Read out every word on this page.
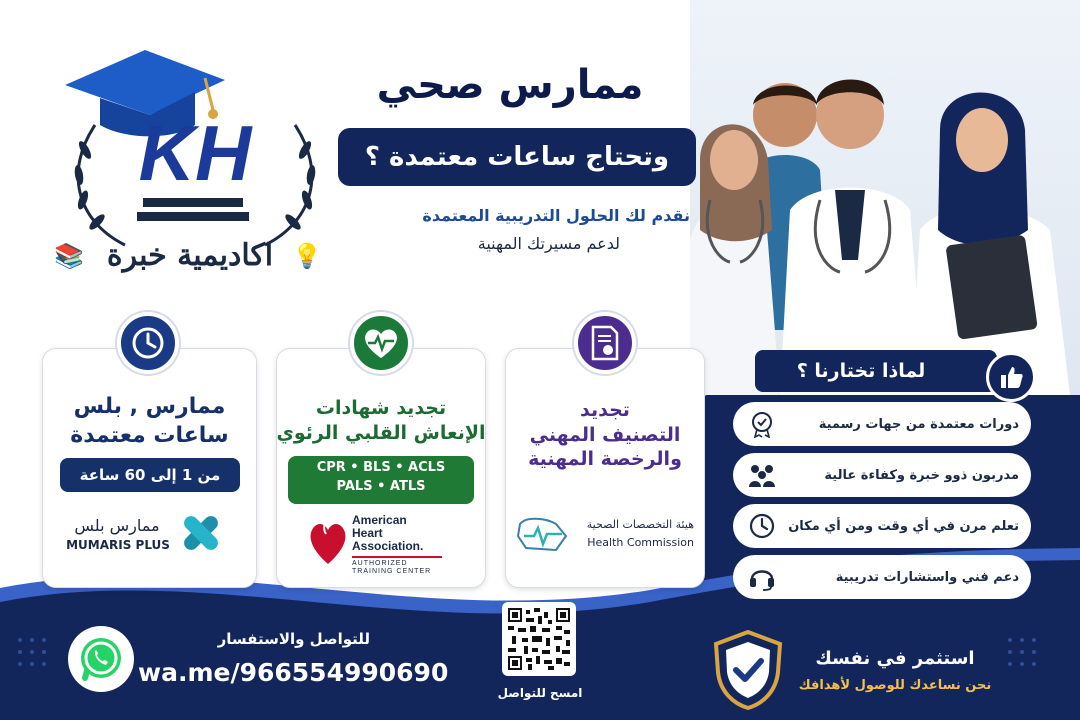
KH
اكاديمية خبرة 💡
📚
ممارس صحي
وتحتاج ساعات معتمدة ؟
نقدم لك الحلول التدريبية المعتمدة
لدعم مسيرتك المهنية
ممارس , بلس
ساعات معتمدة
من 1 إلى 60 ساعة
ممارس بلس
MUMARIS PLUS
تجديد شهادات
الإنعاش القلبي الرئوي
CPR • BLS • ACLS
PALS • ATLS
American
Heart
Association.
AUTHORIZED
TRAINING CENTER
تجديد
التصنيف المهني
والرخصة المهنية
هيئة التخصصات الصحية
Health Commission
لماذا تختارنا ؟
دورات معتمدة من جهات رسمية
مدربون ذوو خبرة وكفاءة عالية
تعلم مرن في أي وقت ومن أي مكان
دعم فني واستشارات تدريبية
للتواصل والاستفسار
wa.me/966554990690
امسح للتواصل
استثمر في نفسك
نحن نساعدك للوصول لأهدافك
